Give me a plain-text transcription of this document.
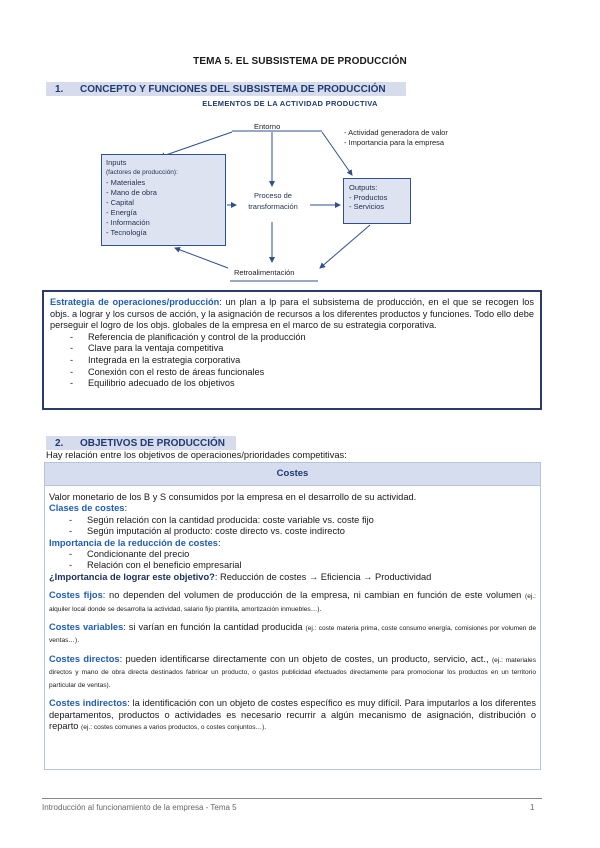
TEMA 5. EL SUBSISTEMA DE PRODUCCIÓN
1. CONCEPTO Y FUNCIONES DEL SUBSISTEMA DE PRODUCCIÓN
ELEMENTOS DE LA ACTIVIDAD PRODUCTIVA
Entorno
- Actividad generadora de valor
- Importancia para la empresa
Inputs
(factores de producción):
- Materiales
- Mano de obra
- Capital
- Energía
- Información
- Tecnología
Proceso de
transformación
Outputs:
- Productos
- Servicios
Retroalimentación
Estrategia de operaciones/producción: un plan a lp para el subsistema de producción, en el que se recogen los objs. a lograr y los cursos de acción, y la asignación de recursos a los diferentes productos y funciones. Todo ello debe perseguir el logro de los objs. globales de la empresa en el marco de su estrategia corporativa.
- Referencia de planificación y control de la producción
- Clave para la ventaja competitiva
- Integrada en la estrategia corporativa
- Conexión con el resto de áreas funcionales
- Equilibrio adecuado de los objetivos
2. OBJETIVOS DE PRODUCCIÓN
Hay relación entre los objetivos de operaciones/prioridades competitivas:
Costes

Valor monetario de los B y S consumidos por la empresa en el desarrollo de su actividad.

Clases de costes:

- Según relación con la cantidad producida: coste variable vs. coste fijo
- Según imputación al producto: coste directo vs. coste indirecto

Importancia de la reducción de costes:

- Condicionante del precio
- Relación con el beneficio empresarial

¿Importancia de lograr este objetivo?: Reducción de costes → Eficiencia → Productividad

Costes fijos: no dependen del volumen de producción de la empresa, ni cambian en función de este volumen (ej.: alquiler local donde se desarrolla la actividad, salario fijo plantilla, amortización inmuebles…).

Costes variables: si varían en función la cantidad producida (ej.: coste materia prima, coste consumo energía, comisiones por volumen de ventas…).

Costes directos: pueden identificarse directamente con un objeto de costes, un producto, servicio, act., (ej.: materiales directos y mano de obra directa destinados fabricar un producto, o gastos publicidad efectuados directamente para promocionar los productos en un territorio particular de ventas).

Costes indirectos: la identificación con un objeto de costes específico es muy difícil. Para imputarlos a los diferentes departamentos, productos o actividades es necesario recurrir a algún mecanismo de asignación, distribución o reparto (ej.: costes comunes a varios productos, o costes conjuntos…).

Introducción al funcionamiento de la empresa - Tema 5	1
